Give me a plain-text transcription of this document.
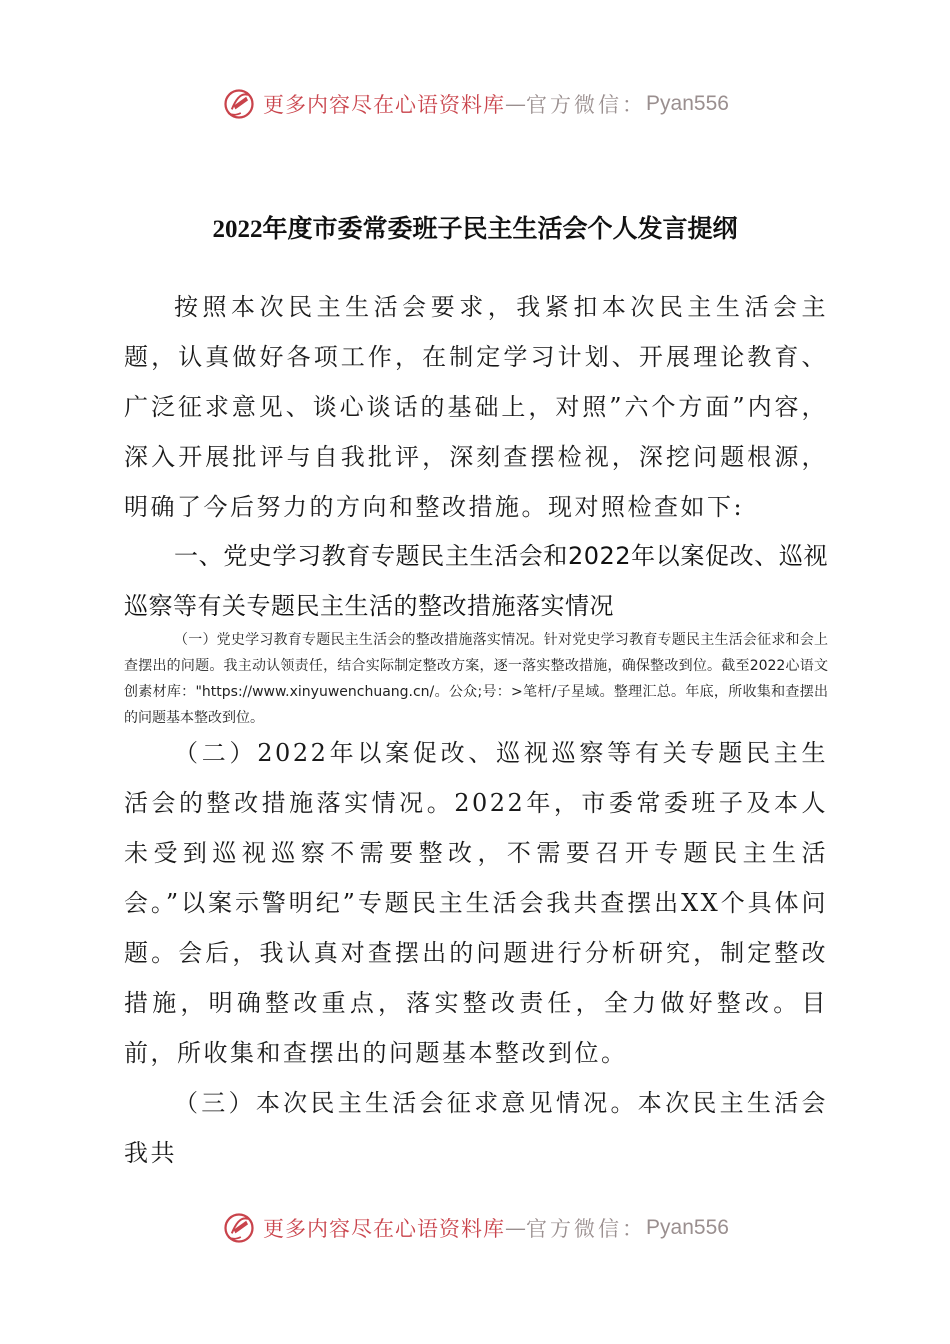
更多内容尽在心语资料库 — 官方微信： Pyan556
2022年度市委常委班子民主生活会个人发言提纲

按照本次民主生活会要求，我紧扣本次民主生活会主题，认真做好各项工作，在制定学习计划、开展理论教育、广泛征求意见、谈心谈话的基础上，对照”六个方面”内容，深入开展批评与自我批评，深刻查摆检视，深挖问题根源，明确了今后努力的方向和整改措施。现对照检查如下:

一、党史学习教育专题民主生活会和2022年以案促改、巡视巡察等有关专题民主生活的整改措施落实情况

（一）党史学习教育专题民主生活会的整改措施落实情况。针对党史学习教育专题民主生活会征求和会上查摆出的问题。我主动认领责任，结合实际制定整改方案，逐一落实整改措施，确保整改到位。截至2022心语文创素材库："https://www.xinyuwenchuang.cn/。公众;号：>笔杆/子星域。整理汇总。年底，所收集和查摆出的问题基本整改到位。

（二）2022年以案促改、巡视巡察等有关专题民主生活会的整改措施落实情况。2022年，市委常委班子及本人未受到巡视巡察不需要整改，不需要召开专题民主生活会。”以案示警明纪”专题民主生活会我共查摆出XX个具体问题。会后，我认真对查摆出的问题进行分析研究，制定整改措施，明确整改重点，落实整改责任，全力做好整改。目前，所收集和查摆出的问题基本整改到位。

（三）本次民主生活会征求意见情况。本次民主生活会我共

更多内容尽在心语资料库 — 官方微信： Pyan556
